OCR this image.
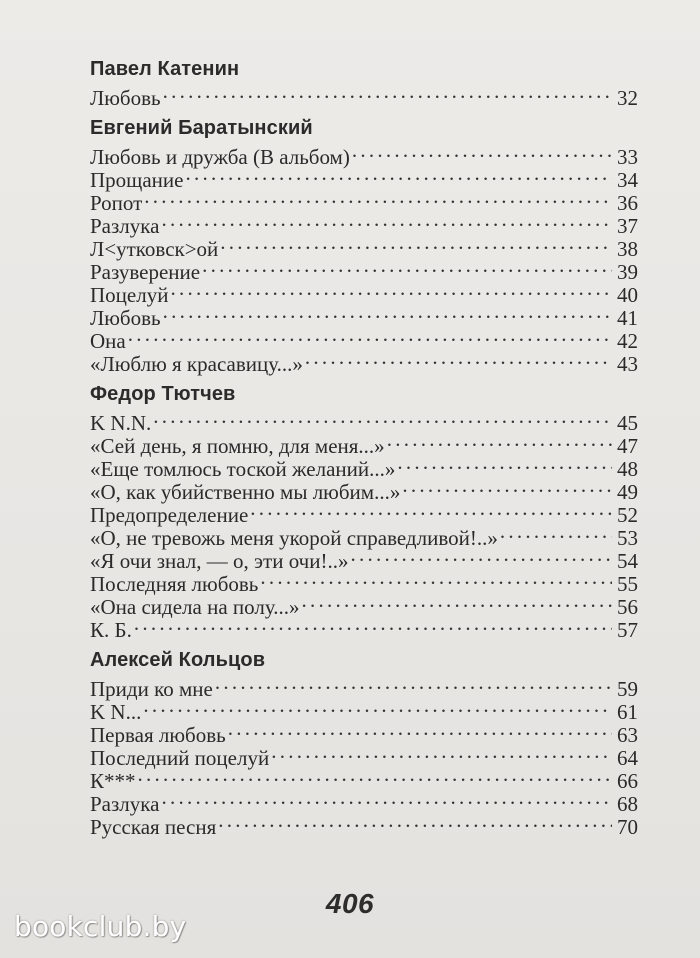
Павел Катенин
Любовь . . .	32
Евгений Баратынский
Любовь и дружба (В альбом) . . .	33
Прощание . . .	34
Ропот . . .	36
Разлука . . .	37
Л<утковск>ой . . .	38
Разуверение . . .	39
Поцелуй . . .	40
Любовь . . .	41
Она . . .	42
«Люблю я красавицу...» . . .	43
Федор Тютчев
K N.N. . . .	45
«Сей день, я помню, для меня...» . . .	47
«Еще томлюсь тоской желаний...» . . .	48
«О, как убийственно мы любим...» . . .	49
Предопределение . . .	52
«О, не тревожь меня укорой справедливой!..» . . .	53
«Я очи знал, — о, эти очи!..» . . .	54
Последняя любовь . . .	55
«Она сидела на полу...» . . .	56
К. Б. . . .	57
Алексей Кольцов
Приди ко мне . . .	59
K N... . . .	61
Первая любовь . . .	63
Последний поцелуй . . .	64
К*** . . .	66
Разлука . . .	68
Русская песня . . .	70
406
bookclub.by
